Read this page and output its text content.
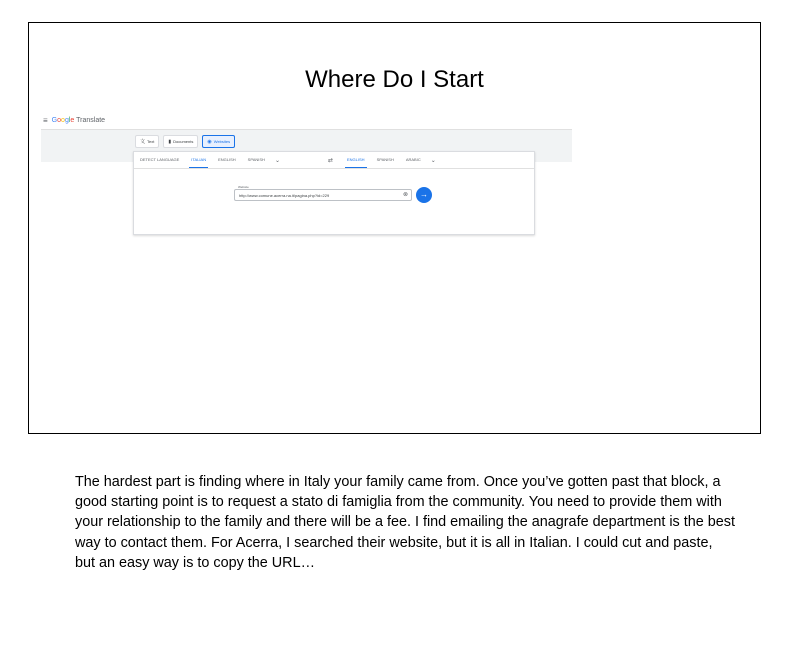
Where Do I Start
≡ Google Translate
文 Text	▮ Documents	◉ Websites
DETECT LANGUAGE	ITALIAN	ENGLISH	SPANISH	⌄	⇄	ENGLISH	SPANISH	ARABIC	⌄
Website
http://www.comune.acerra.na.it/pagina.php?id=229	⊗	→

The hardest part is finding where in Italy your family came from. Once you’ve gotten past that block, a good starting point is to request a stato di famiglia from the community. You need to provide them with your relationship to the family and there will be a fee. I find emailing the anagrafe department is the best way to contact them. For Acerra, I searched their website, but it is all in Italian. I could cut and paste, but an easy way is to copy the URL…
